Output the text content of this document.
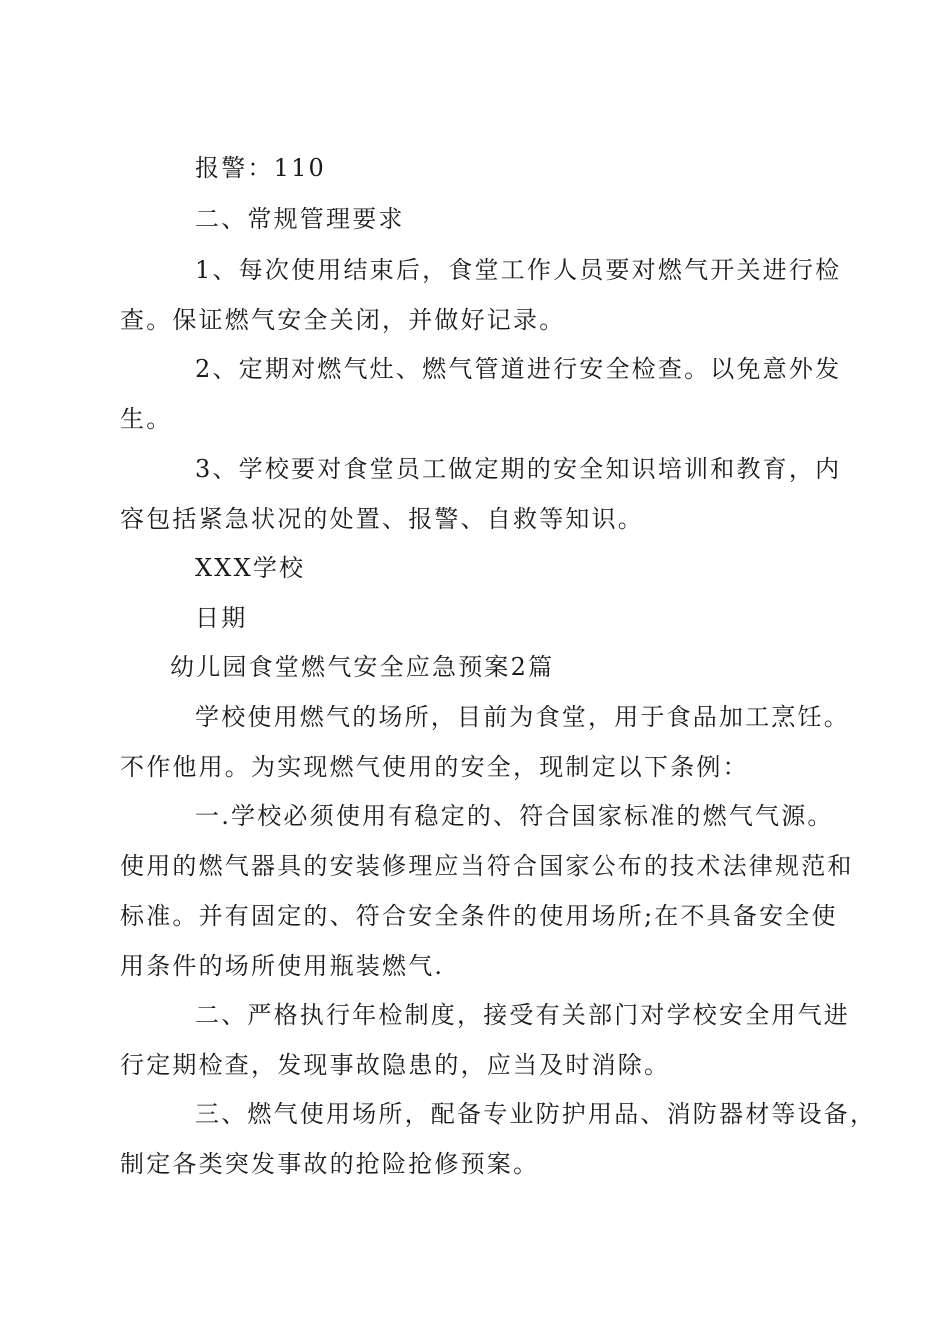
报警：110
二、常规管理要求
1、每次使用结束后，食堂工作人员要对燃气开关进行检
查。保证燃气安全关闭，并做好记录。
2、定期对燃气灶、燃气管道进行安全检查。以免意外发
生。
3、学校要对食堂员工做定期的安全知识培训和教育，内
容包括紧急状况的处置、报警、自救等知识。
XXX学校
日期
幼儿园食堂燃气安全应急预案2篇
学校使用燃气的场所，目前为食堂，用于食品加工烹饪。
不作他用。为实现燃气使用的安全，现制定以下条例：
一.学校必须使用有稳定的、符合国家标准的燃气气源。
使用的燃气器具的安装修理应当符合国家公布的技术法律规范和
标准。并有固定的、符合安全条件的使用场所;在不具备安全使
用条件的场所使用瓶装燃气.
二、严格执行年检制度，接受有关部门对学校安全用气进
行定期检查，发现事故隐患的，应当及时消除。
三、燃气使用场所，配备专业防护用品、消防器材等设备，
制定各类突发事故的抢险抢修预案。
